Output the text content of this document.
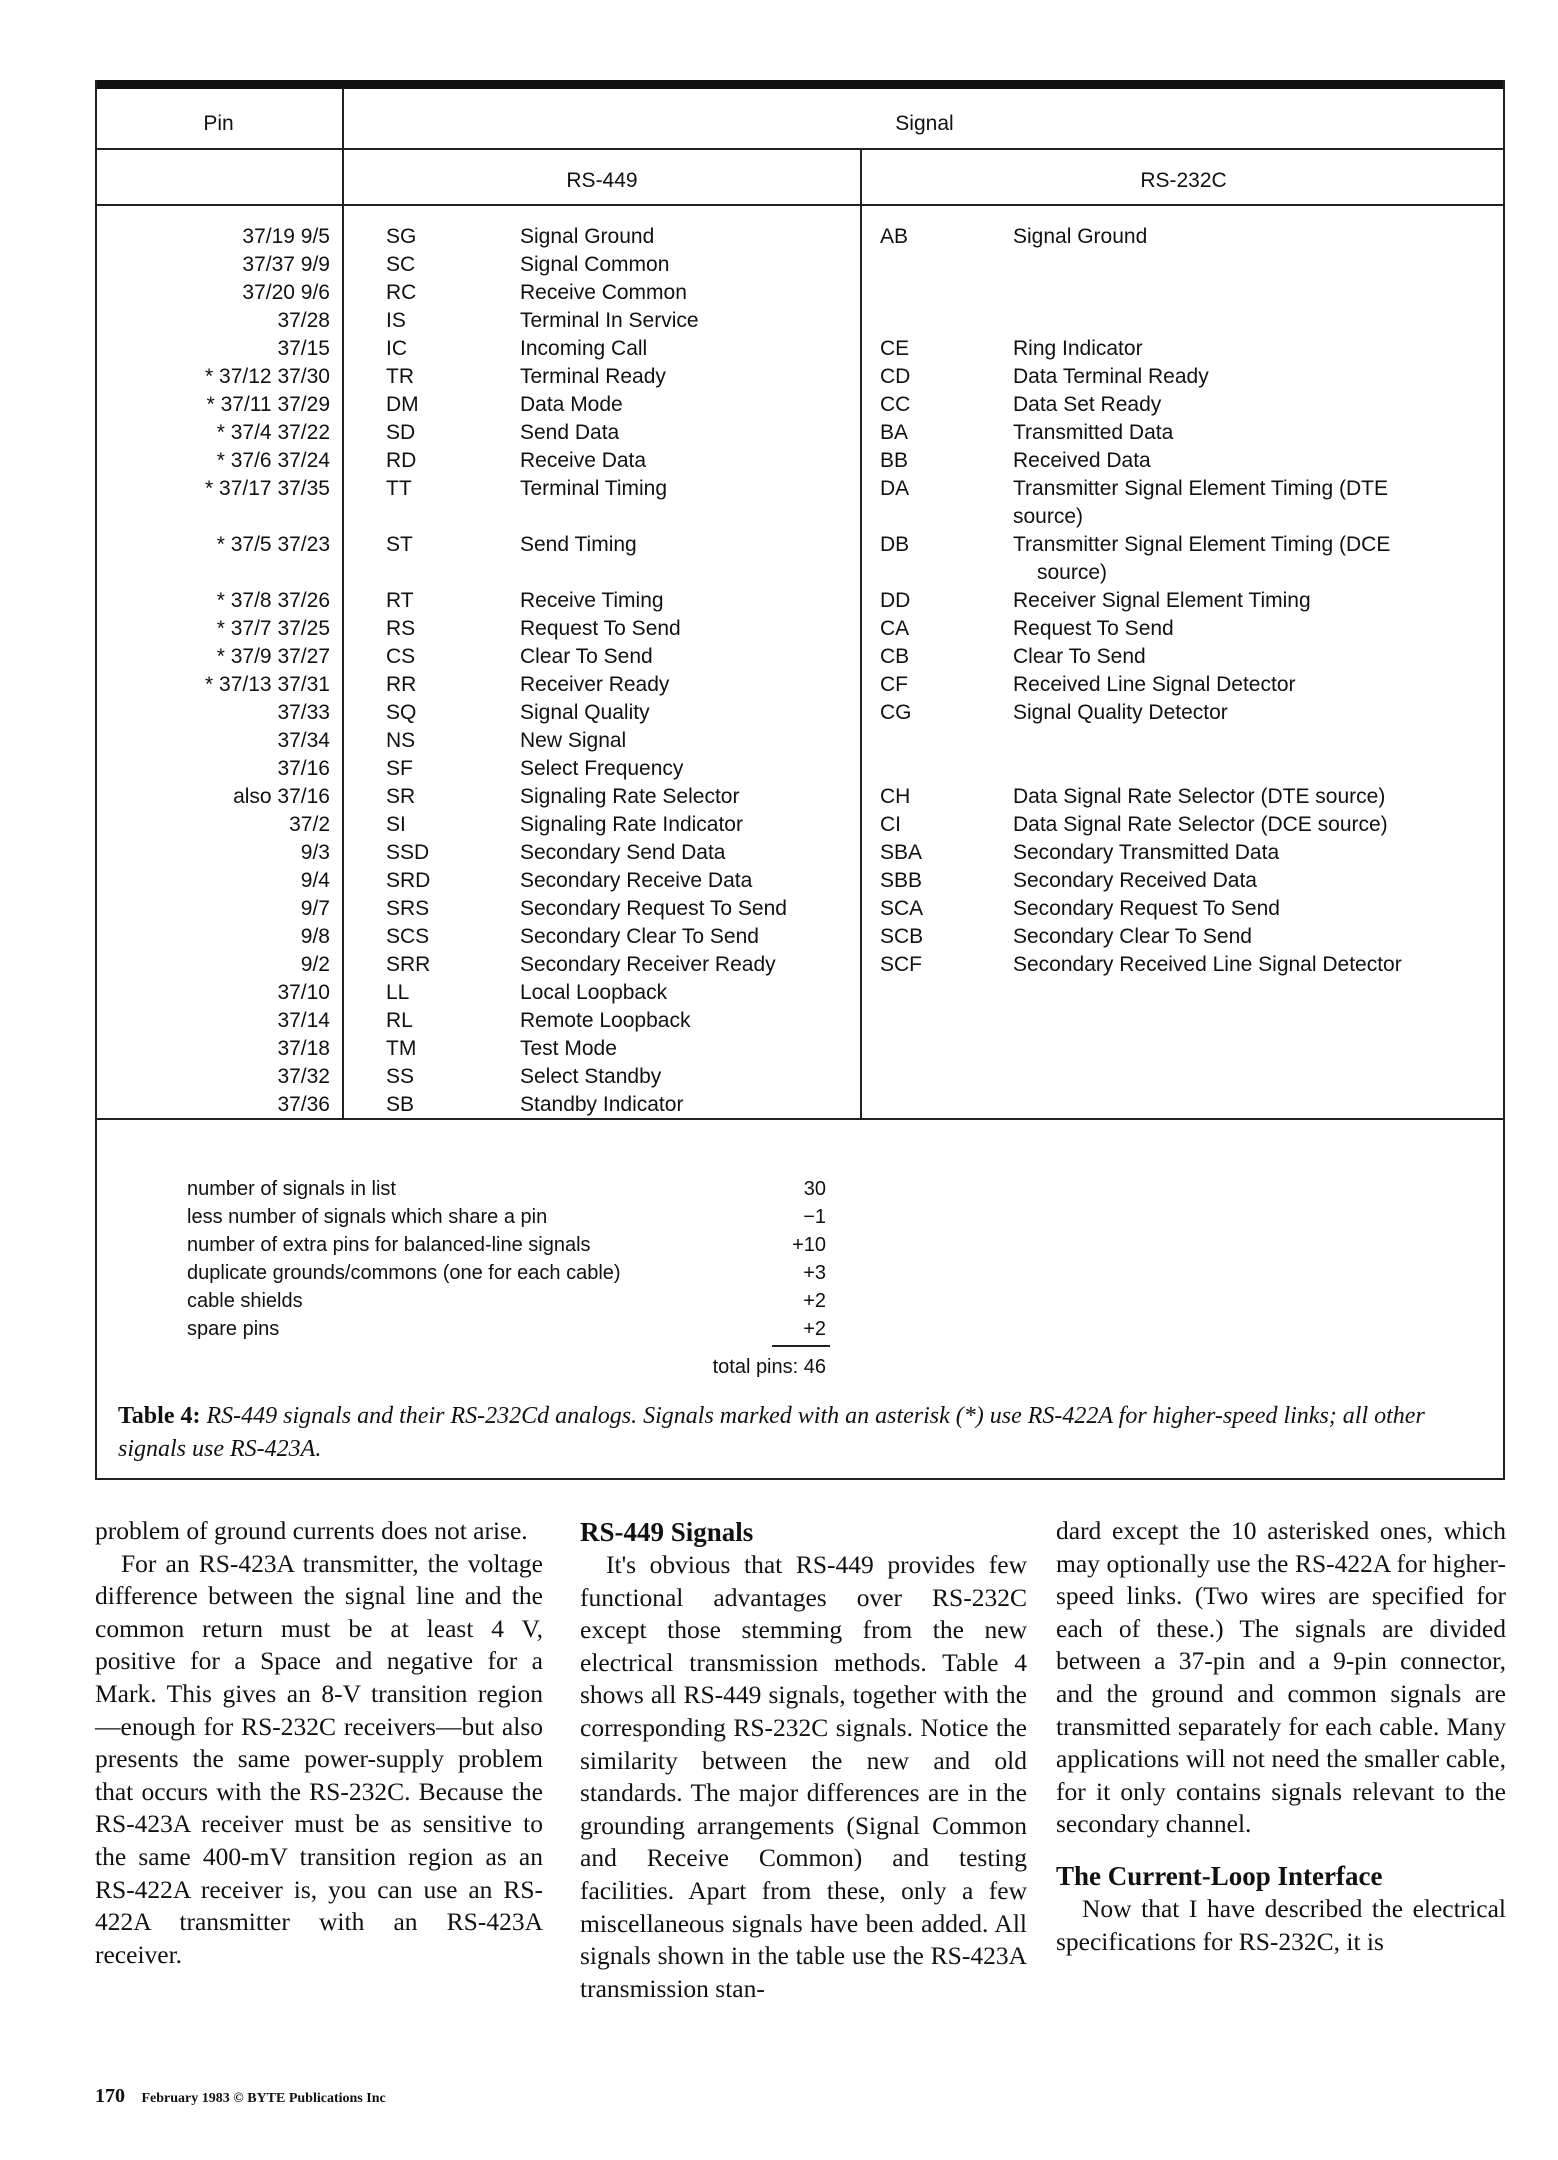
Pin	Signal
RS-449	RS-232C
37/19 9/5	SG	Signal Ground	AB	Signal Ground
37/37 9/9	SC	Signal Common
37/20 9/6	RC	Receive Common
37/28	IS	Terminal In Service
37/15	IC	Incoming Call	CE	Ring Indicator
* 37/12 37/30	TR	Terminal Ready	CD	Data Terminal Ready
* 37/11 37/29	DM	Data Mode	CC	Data Set Ready
* 37/4 37/22	SD	Send Data	BA	Transmitted Data
* 37/6 37/24	RD	Receive Data	BB	Received Data
* 37/17 37/35	TT	Terminal Timing	DA	Transmitter Signal Element Timing (DTE
source)
* 37/5 37/23	ST	Send Timing	DB	Transmitter Signal Element Timing (DCE
source)
* 37/8 37/26	RT	Receive Timing	DD	Receiver Signal Element Timing
* 37/7 37/25	RS	Request To Send	CA	Request To Send
* 37/9 37/27	CS	Clear To Send	CB	Clear To Send
* 37/13 37/31	RR	Receiver Ready	CF	Received Line Signal Detector
37/33	SQ	Signal Quality	CG	Signal Quality Detector
37/34	NS	New Signal
37/16	SF	Select Frequency
also 37/16	SR	Signaling Rate Selector	CH	Data Signal Rate Selector (DTE source)
37/2	SI	Signaling Rate Indicator	CI	Data Signal Rate Selector (DCE source)
9/3	SSD	Secondary Send Data	SBA	Secondary Transmitted Data
9/4	SRD	Secondary Receive Data	SBB	Secondary Received Data
9/7	SRS	Secondary Request To Send	SCA	Secondary Request To Send
9/8	SCS	Secondary Clear To Send	SCB	Secondary Clear To Send
9/2	SRR	Secondary Receiver Ready	SCF	Secondary Received Line Signal Detector
37/10	LL	Local Loopback
37/14	RL	Remote Loopback
37/18	TM	Test Mode
37/32	SS	Select Standby
37/36	SB	Standby Indicator
number of signals in list	30
less number of signals which share a pin	−1
number of extra pins for balanced-line signals	+10
duplicate grounds/commons (one for each cable)	+3
cable shields	+2
spare pins	+2
total pins: 46
Table 4: RS-449 signals and their RS-232Cd analogs. Signals marked with an asterisk (*) use RS-422A for higher-speed links; all other signals use RS-423A.

problem of ground currents does not arise.

For an RS-423A transmitter, the voltage difference between the signal line and the common return must be at least 4 V, positive for a Space and negative for a Mark. This gives an 8-V transition region—enough for RS-232C receivers—but also presents the same power-supply problem that occurs with the RS-232C. Because the RS-423A receiver must be as sensitive to the same 400-mV transition region as an RS-422A receiver is, you can use an RS-422A transmitter with an RS-423A receiver.

RS-449 Signals

It's obvious that RS-449 provides few functional advantages over RS-232C except those stemming from the new electrical transmission methods. Table 4 shows all RS-449 signals, together with the corresponding RS-232C signals. Notice the similarity between the new and old standards. The major differences are in the grounding arrangements (Signal Common and Receive Common) and testing facilities. Apart from these, only a few miscellaneous signals have been added. All signals shown in the table use the RS-423A transmission stan-

dard except the 10 asterisked ones, which may optionally use the RS-422A for higher-speed links. (Two wires are specified for each of these.) The signals are divided between a 37-pin and a 9-pin connector, and the ground and common signals are transmitted separately for each cable. Many applications will not need the smaller cable, for it only contains signals relevant to the secondary channel.

The Current-Loop Interface

Now that I have described the electrical specifications for RS-232C, it is

170 February 1983 © BYTE Publications Inc
